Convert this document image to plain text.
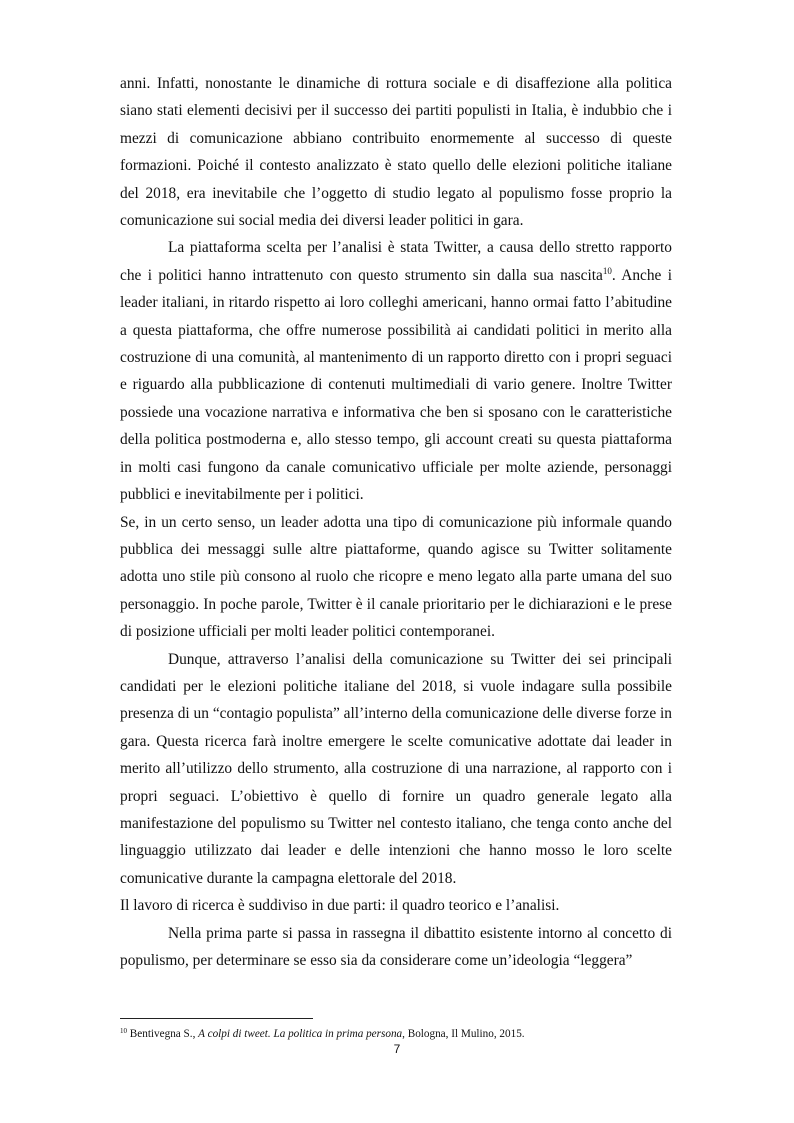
anni. Infatti, nonostante le dinamiche di rottura sociale e di disaffezione alla politica siano stati elementi decisivi per il successo dei partiti populisti in Italia, è indubbio che i mezzi di comunicazione abbiano contribuito enormemente al successo di queste formazioni. Poiché il contesto analizzato è stato quello delle elezioni politiche italiane del 2018, era inevitabile che l’oggetto di studio legato al populismo fosse proprio la comunicazione sui social media dei diversi leader politici in gara.

La piattaforma scelta per l’analisi è stata Twitter, a causa dello stretto rapporto che i politici hanno intrattenuto con questo strumento sin dalla sua nascita$^{10}$. Anche i leader italiani, in ritardo rispetto ai loro colleghi americani, hanno ormai fatto l’abitudine a questa piattaforma, che offre numerose possibilità ai candidati politici in merito alla costruzione di una comunità, al mantenimento di un rapporto diretto con i propri seguaci e riguardo alla pubblicazione di contenuti multimediali di vario genere. Inoltre Twitter possiede una vocazione narrativa e informativa che ben si sposano con le caratteristiche della politica postmoderna e, allo stesso tempo, gli account creati su questa piattaforma in molti casi fungono da canale comunicativo ufficiale per molte aziende, personaggi pubblici e inevitabilmente per i politici.

Se, in un certo senso, un leader adotta una tipo di comunicazione più informale quando pubblica dei messaggi sulle altre piattaforme, quando agisce su Twitter solitamente adotta uno stile più consono al ruolo che ricopre e meno legato alla parte umana del suo personaggio. In poche parole, Twitter è il canale prioritario per le dichiarazioni e le prese di posizione ufficiali per molti leader politici contemporanei.

Dunque, attraverso l’analisi della comunicazione su Twitter dei sei principali candidati per le elezioni politiche italiane del 2018, si vuole indagare sulla possibile presenza di un “contagio populista” all’interno della comunicazione delle diverse forze in gara. Questa ricerca farà inoltre emergere le scelte comunicative adottate dai leader in merito all’utilizzo dello strumento, alla costruzione di una narrazione, al rapporto con i propri seguaci. L’obiettivo è quello di fornire un quadro generale legato alla manifestazione del populismo su Twitter nel contesto italiano, che tenga conto anche del linguaggio utilizzato dai leader e delle intenzioni che hanno mosso le loro scelte comunicative durante la campagna elettorale del 2018.

Il lavoro di ricerca è suddiviso in due parti: il quadro teorico e l’analisi.

Nella prima parte si passa in rassegna il dibattito esistente intorno al concetto di populismo, per determinare se esso sia da considerare come un’ideologia “leggera”

$^{10}$ Bentivegna S., A colpi di tweet. La politica in prima persona, Bologna, Il Mulino, 2015.
7
